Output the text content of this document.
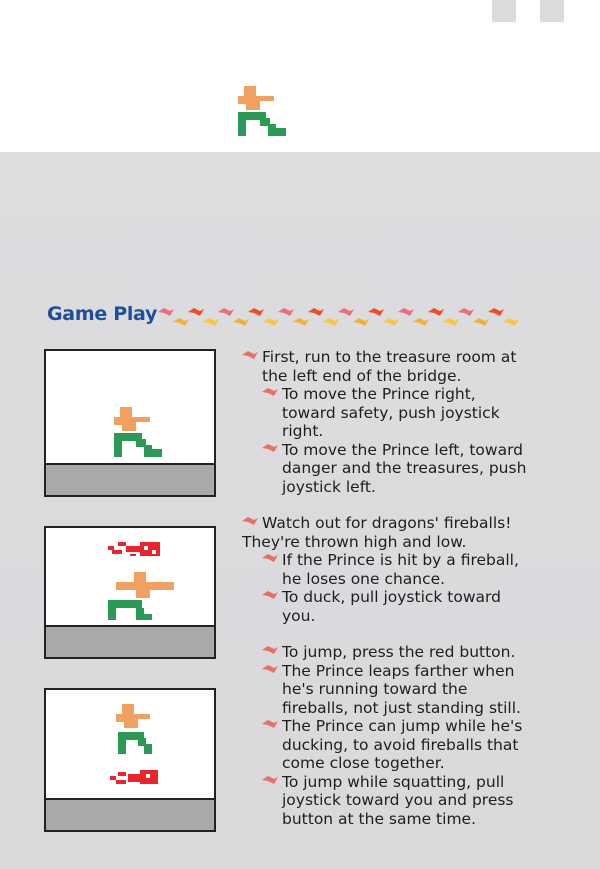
Game Play
First, run to the treasure room at
the left end of the bridge.
To move the Prince right,
toward safety, push joystick
right.
To move the Prince left, toward
danger and the treasures, push
joystick left.
Watch out for dragons' fireballs!
They're thrown high and low.
If the Prince is hit by a fireball,
he loses one chance.
To duck, pull joystick toward
you.
To jump, press the red button.
The Prince leaps farther when
he's running toward the
fireballs, not just standing still.
The Prince can jump while he's
ducking, to avoid fireballs that
come close together.
To jump while squatting, pull
joystick toward you and press
button at the same time.
